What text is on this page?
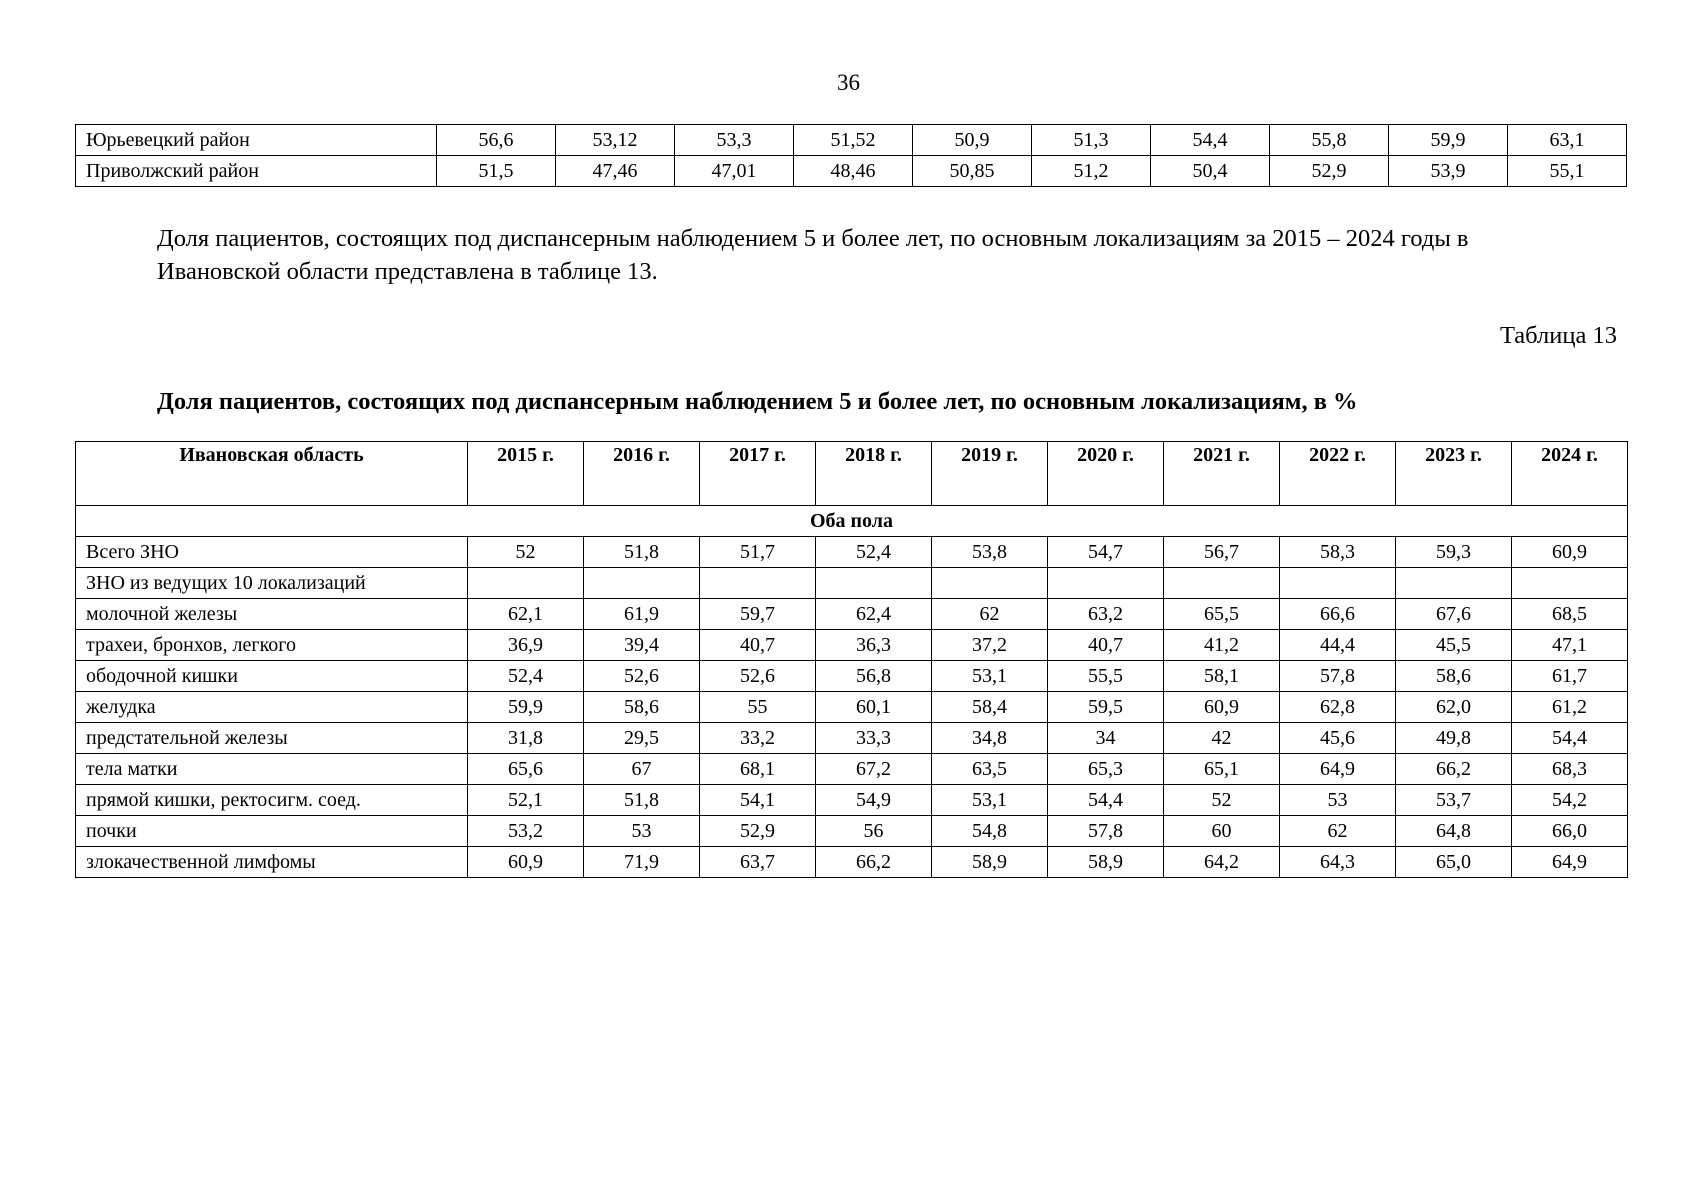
36
Юрьевецкий район	56,6	53,12	53,3	51,52	50,9	51,3	54,4	55,8	59,9	63,1
Приволжский район	51,5	47,46	47,01	48,46	50,85	51,2	50,4	52,9	53,9	55,1
Доля пациентов, состоящих под диспансерным наблюдением 5 и более лет, по основным локализациям за 2015 – 2024 годы в Ивановской области представлена в таблице 13.
Таблица 13
Доля пациентов, состоящих под диспансерным наблюдением 5 и более лет, по основным локализациям, в %
Ивановская область	2015 г.	2016 г.	2017 г.	2018 г.	2019 г.	2020 г.	2021 г.	2022 г.	2023 г.	2024 г.
Оба пола										
Всего ЗНО	52	51,8	51,7	52,4	53,8	54,7	56,7	58,3	59,3	60,9
ЗНО из ведущих 10 локализаций										
молочной железы	62,1	61,9	59,7	62,4	62	63,2	65,5	66,6	67,6	68,5
трахеи, бронхов, легкого	36,9	39,4	40,7	36,3	37,2	40,7	41,2	44,4	45,5	47,1
ободочной кишки	52,4	52,6	52,6	56,8	53,1	55,5	58,1	57,8	58,6	61,7
желудка	59,9	58,6	55	60,1	58,4	59,5	60,9	62,8	62,0	61,2
предстательной железы	31,8	29,5	33,2	33,3	34,8	34	42	45,6	49,8	54,4
тела матки	65,6	67	68,1	67,2	63,5	65,3	65,1	64,9	66,2	68,3
прямой кишки, ректосигм. соед.	52,1	51,8	54,1	54,9	53,1	54,4	52	53	53,7	54,2
почки	53,2	53	52,9	56	54,8	57,8	60	62	64,8	66,0
злокачественной лимфомы	60,9	71,9	63,7	66,2	58,9	58,9	64,2	64,3	65,0	64,9
